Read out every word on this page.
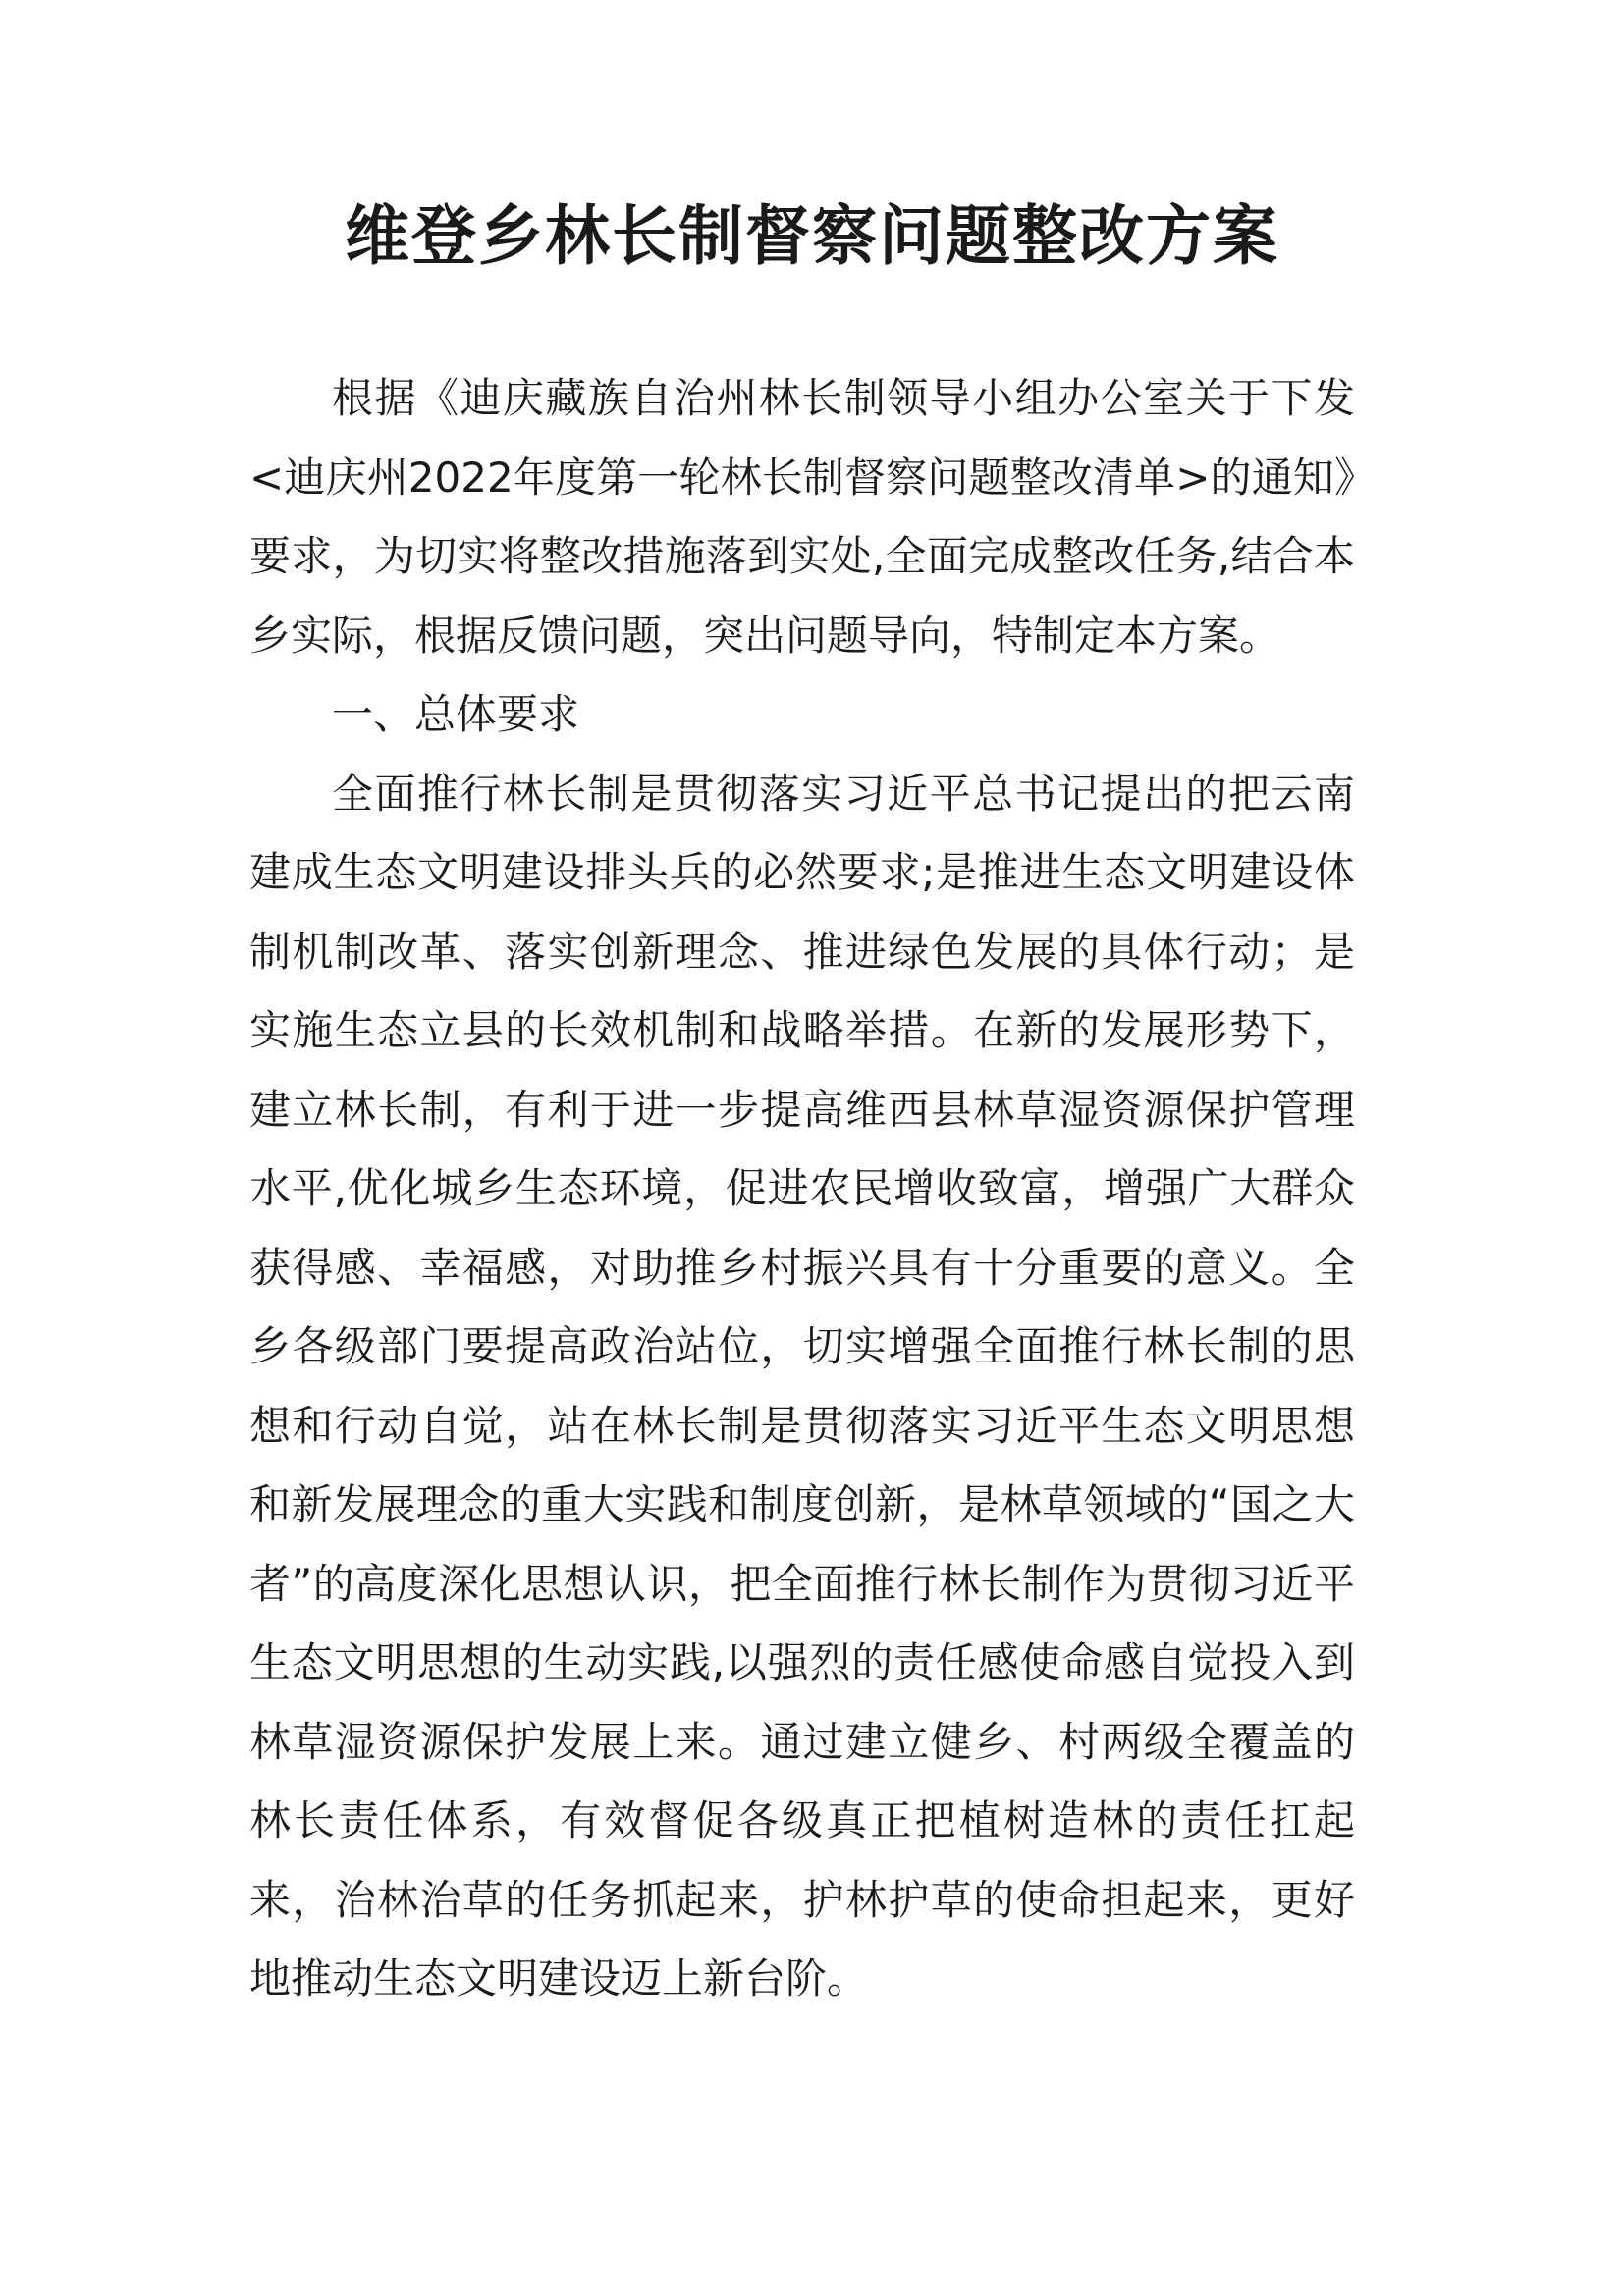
维登乡林长制督察问题整改方案

根据《迪庆藏族自治州林长制领导小组办公室关于下发<迪庆州2022年度第一轮林长制督察问题整改清单>的通知》要求，为切实将整改措施落到实处,全面完成整改任务,结合本乡实际，根据反馈问题，突出问题导向，特制定本方案。

一、总体要求

全面推行林长制是贯彻落实习近平总书记提出的把云南建成生态文明建设排头兵的必然要求;是推进生态文明建设体制机制改革、落实创新理念、推进绿色发展的具体行动；是实施生态立县的长效机制和战略举措。在新的发展形势下，建立林长制，有利于进一步提高维西县林草湿资源保护管理水平,优化城乡生态环境，促进农民增收致富，增强广大群众获得感、幸福感，对助推乡村振兴具有十分重要的意义。全乡各级部门要提高政治站位，切实增强全面推行林长制的思想和行动自觉，站在林长制是贯彻落实习近平生态文明思想和新发展理念的重大实践和制度创新，是林草领域的“国之大者”的高度深化思想认识，把全面推行林长制作为贯彻习近平生态文明思想的生动实践,以强烈的责任感使命感自觉投入到林草湿资源保护发展上来。通过建立健乡、村两级全覆盖的林长责任体系，有效督促各级真正把植树造林的责任扛起来，治林治草的任务抓起来，护林护草的使命担起来，更好地推动生态文明建设迈上新台阶。
